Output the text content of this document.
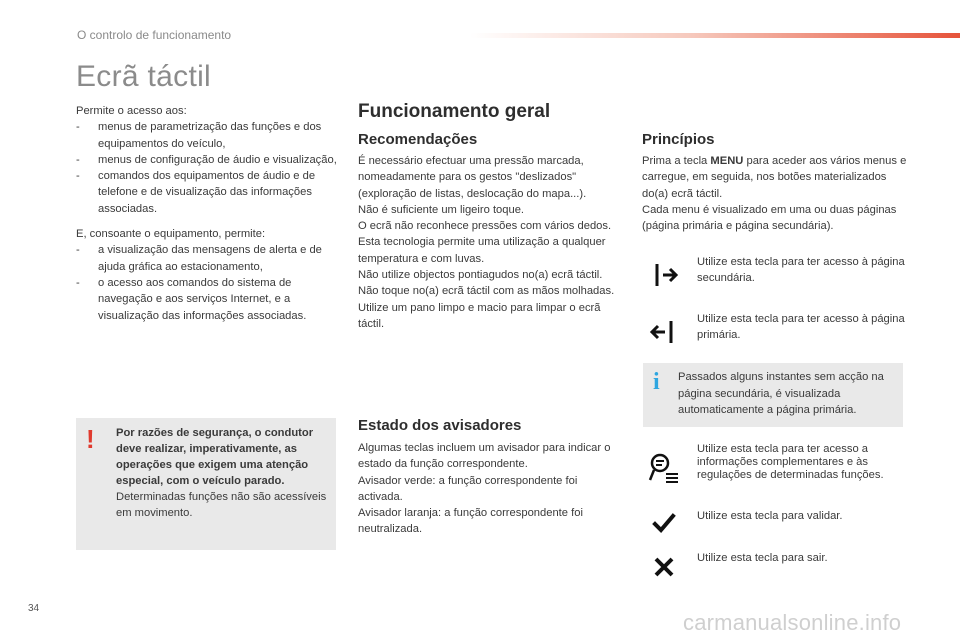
O controlo de funcionamento
Ecrã táctil

Permite o acesso aos:

- menus de parametrização das funções e dos equipamentos do veículo,
- menus de configuração de áudio e visualização,
- comandos dos equipamentos de áudio e de telefone e de visualização das informações associadas.

E, consoante o equipamento, permite:

- a visualização das mensagens de alerta e de ajuda gráfica ao estacionamento,
- o acesso aos comandos do sistema de navegação e aos serviços Internet, e a visualização das informações associadas.
! Por razões de segurança, o condutor deve realizar, imperativamente, as operações que exigem uma atenção especial, com o veículo parado. Determinadas funções não são acessíveis em movimento.
Funcionamento geral
Recomendações
É necessário efectuar uma pressão marcada, nomeadamente para os gestos "deslizados" (exploração de listas, deslocação do mapa...).
Não é suficiente um ligeiro toque.
O ecrã não reconhece pressões com vários dedos.
Esta tecnologia permite uma utilização a qualquer temperatura e com luvas.
Não utilize objectos pontiagudos no(a) ecrã táctil.
Não toque no(a) ecrã táctil com as mãos molhadas.
Utilize um pano limpo e macio para limpar o ecrã táctil.
Estado dos avisadores
Algumas teclas incluem um avisador para indicar o estado da função correspondente.
Avisador verde: a função correspondente foi activada.
Avisador laranja: a função correspondente foi neutralizada.
Princípios
Prima a tecla MENU para aceder aos vários menus e carregue, em seguida, nos botões materializados do(a) ecrã táctil.
Cada menu é visualizado em uma ou duas páginas (página primária e página secundária).
Utilize esta tecla para ter acesso à página secundária.
Utilize esta tecla para ter acesso à página primária.
i Passados alguns instantes sem acção na página secundária, é visualizada automaticamente a página primária.
Utilize esta tecla para ter acesso a informações complementares e às regulações de determinadas funções.
Utilize esta tecla para validar.
Utilize esta tecla para sair.
34
carmanualsonline.info
